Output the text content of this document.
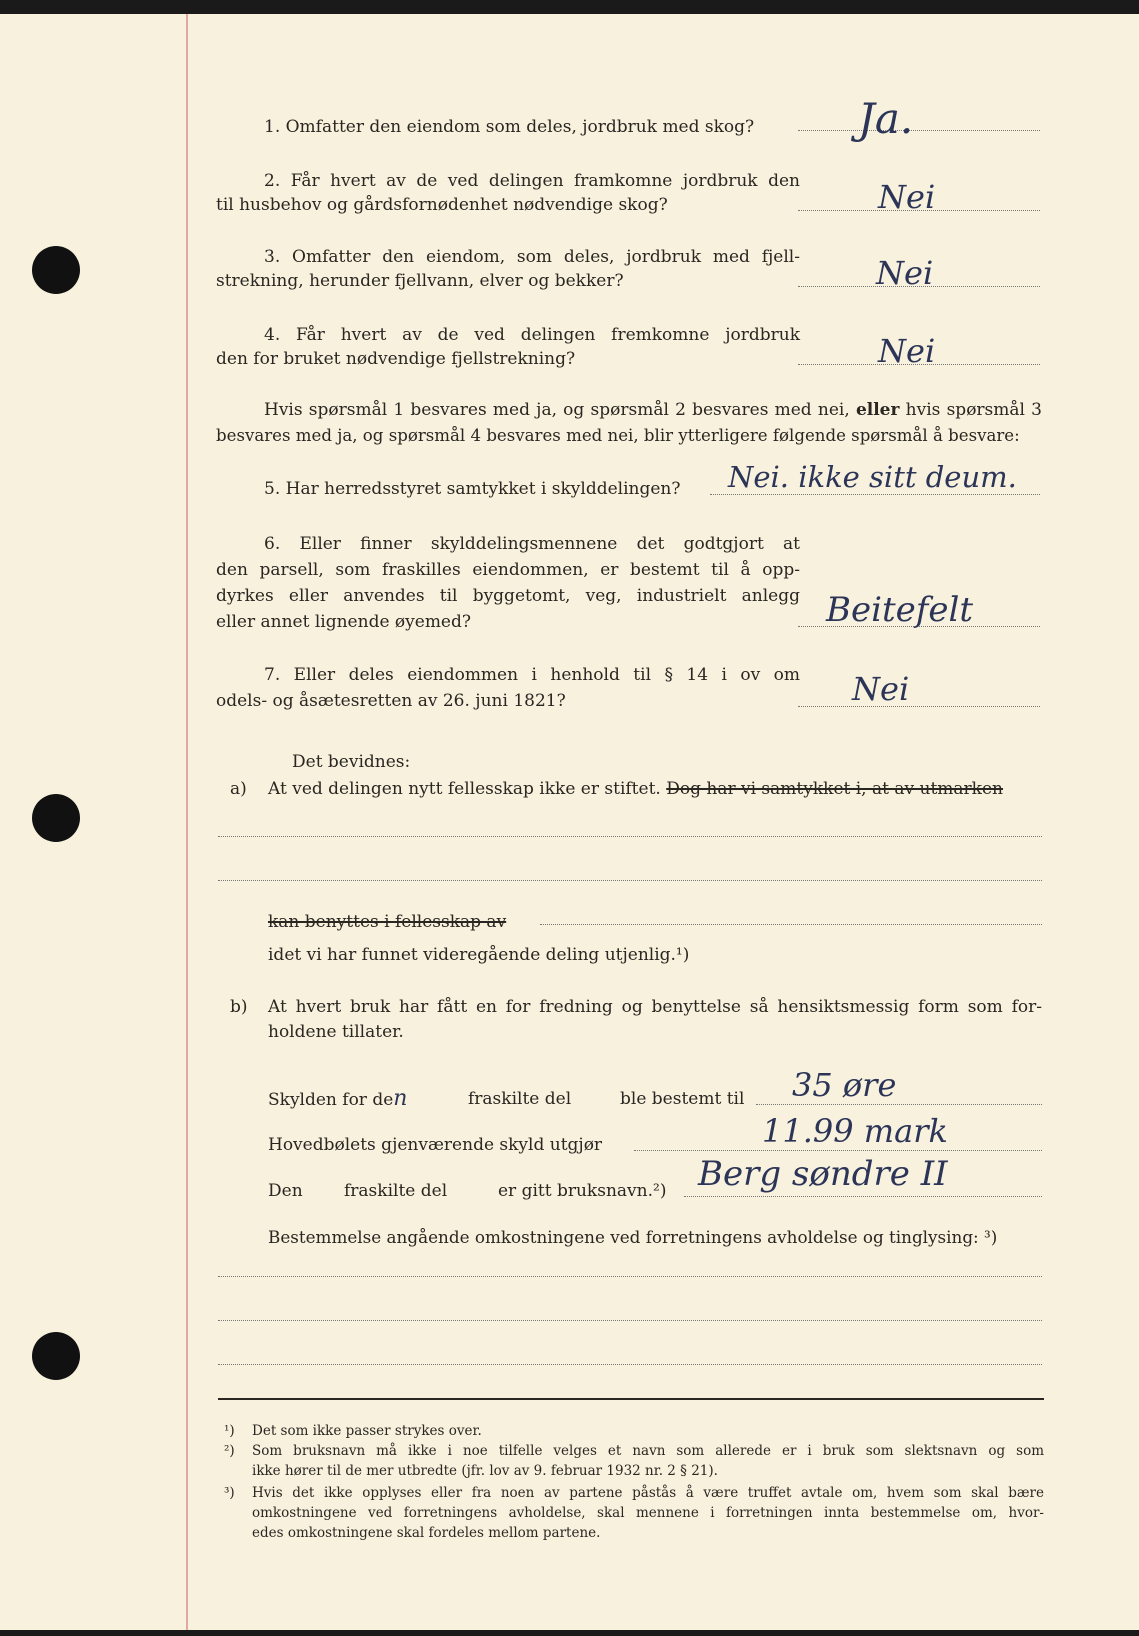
1. Omfatter den eiendom som deles, jordbruk med skog? Ja.
2. Får hvert av de ved delingen framkomne jordbruk den
til husbehov og gårdsfornødenhet nødvendige skog?	Nei
3. Omfatter den eiendom, som deles, jordbruk med fjell-
strekning, herunder fjellvann, elver og bekker?	Nei
4. Får hvert av de ved delingen fremkomne jordbruk
den for bruket nødvendige fjellstrekning?	Nei
Hvis spørsmål 1 besvares med ja, og spørsmål 2 besvares med nei, eller hvis spørsmål 3
besvares med ja, og spørsmål 4 besvares med nei, blir ytterligere følgende spørsmål å besvare:
5. Har herredsstyret samtykket i skylddelingen? Nei. ikke sitt deum.
6. Eller finner skylddelingsmennene det godtgjort at
den parsell, som fraskilles eiendommen, er bestemt til å opp-
dyrkes eller anvendes til byggetomt, veg, industrielt anlegg
eller annet lignende øyemed?	Beitefelt
7. Eller deles eiendommen i henhold til § 14 i ov om
odels- og åsætesretten av 26. juni 1821?	Nei
Det bevidnes:
a) At ved delingen nytt fellesskap ikke er stiftet. Dog har vi samtykket i, at av utmarken
kan benyttes i fellesskap av
idet vi har funnet videregående deling utjenlig.¹)
b) At hvert bruk har fått en for fredning og benyttelse så hensiktsmessig form som for-
holdene tillater.
Skylden for den	fraskilte del	ble bestemt til 35 øre
Hovedbølets gjenværende skyld utgjør	11.99 mark
Den fraskilte del	er gitt bruksnavn.²) Berg søndre II
Bestemmelse angående omkostningene ved forretningens avholdelse og tinglysing: ³)
¹) Det som ikke passer strykes over.
²) Som bruksnavn må ikke i noe tilfelle velges et navn som allerede er i bruk som slektsnavn og som
ikke hører til de mer utbredte (jfr. lov av 9. februar 1932 nr. 2 § 21).
³) Hvis det ikke opplyses eller fra noen av partene påstås å være truffet avtale om, hvem som skal bære
omkostningene ved forretningens avholdelse, skal mennene i forretningen innta bestemmelse om, hvor-
edes omkostningene skal fordeles mellom partene.
